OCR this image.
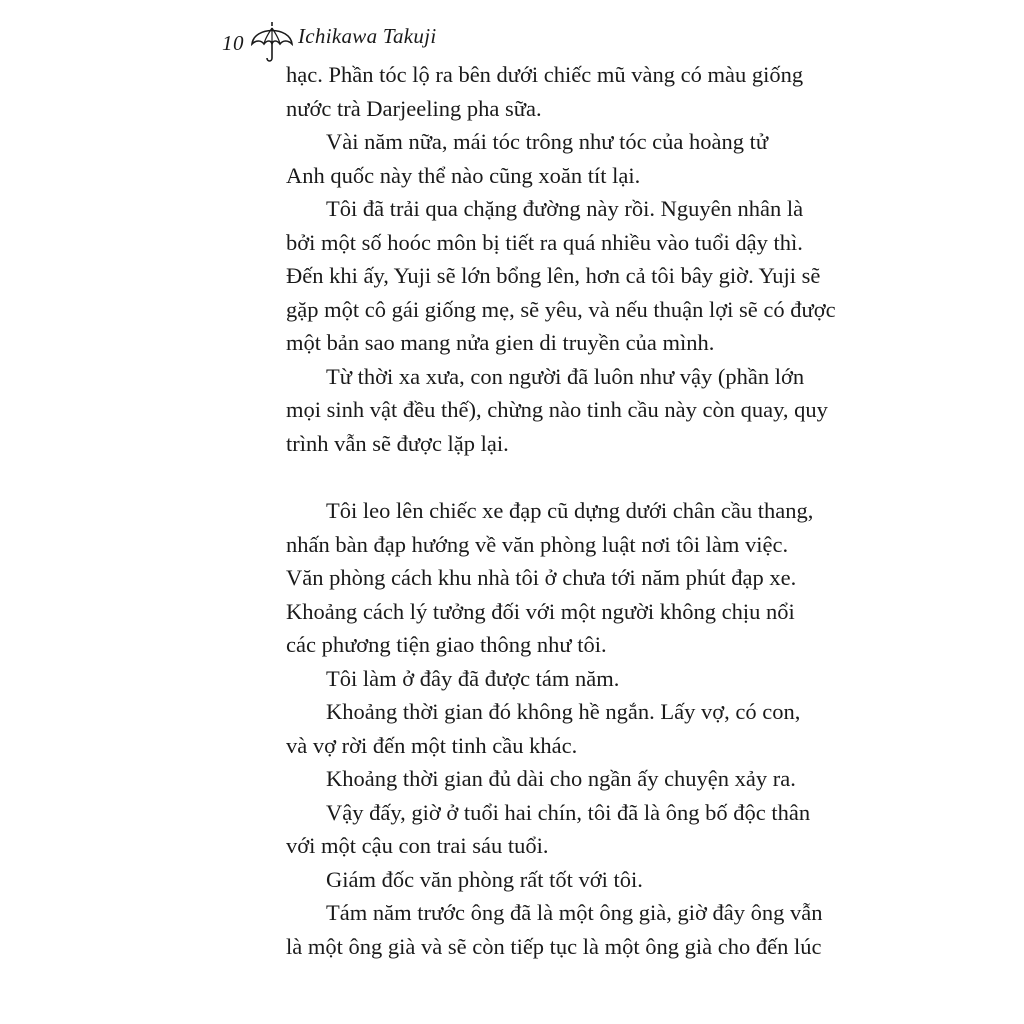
10	Ichikawa Takuji
hạc. Phần tóc lộ ra bên dưới chiếc mũ vàng có màu giống
nước trà Darjeeling pha sữa.
Vài năm nữa, mái tóc trông như tóc của hoàng tử
Anh quốc này thể nào cũng xoăn tít lại.
Tôi đã trải qua chặng đường này rồi. Nguyên nhân là
bởi một số hoóc môn bị tiết ra quá nhiều vào tuổi dậy thì.
Đến khi ấy, Yuji sẽ lớn bổng lên, hơn cả tôi bây giờ. Yuji sẽ
gặp một cô gái giống mẹ, sẽ yêu, và nếu thuận lợi sẽ có được
một bản sao mang nửa gien di truyền của mình.
Từ thời xa xưa, con người đã luôn như vậy (phần lớn
mọi sinh vật đều thế), chừng nào tinh cầu này còn quay, quy
trình vẫn sẽ được lặp lại.
Tôi leo lên chiếc xe đạp cũ dựng dưới chân cầu thang,
nhấn bàn đạp hướng về văn phòng luật nơi tôi làm việc.
Văn phòng cách khu nhà tôi ở chưa tới năm phút đạp xe.
Khoảng cách lý tưởng đối với một người không chịu nổi
các phương tiện giao thông như tôi.
Tôi làm ở đây đã được tám năm.
Khoảng thời gian đó không hề ngắn. Lấy vợ, có con,
và vợ rời đến một tinh cầu khác.
Khoảng thời gian đủ dài cho ngần ấy chuyện xảy ra.
Vậy đấy, giờ ở tuổi hai chín, tôi đã là ông bố độc thân
với một cậu con trai sáu tuổi.
Giám đốc văn phòng rất tốt với tôi.
Tám năm trước ông đã là một ông già, giờ đây ông vẫn
là một ông già và sẽ còn tiếp tục là một ông già cho đến lúc
